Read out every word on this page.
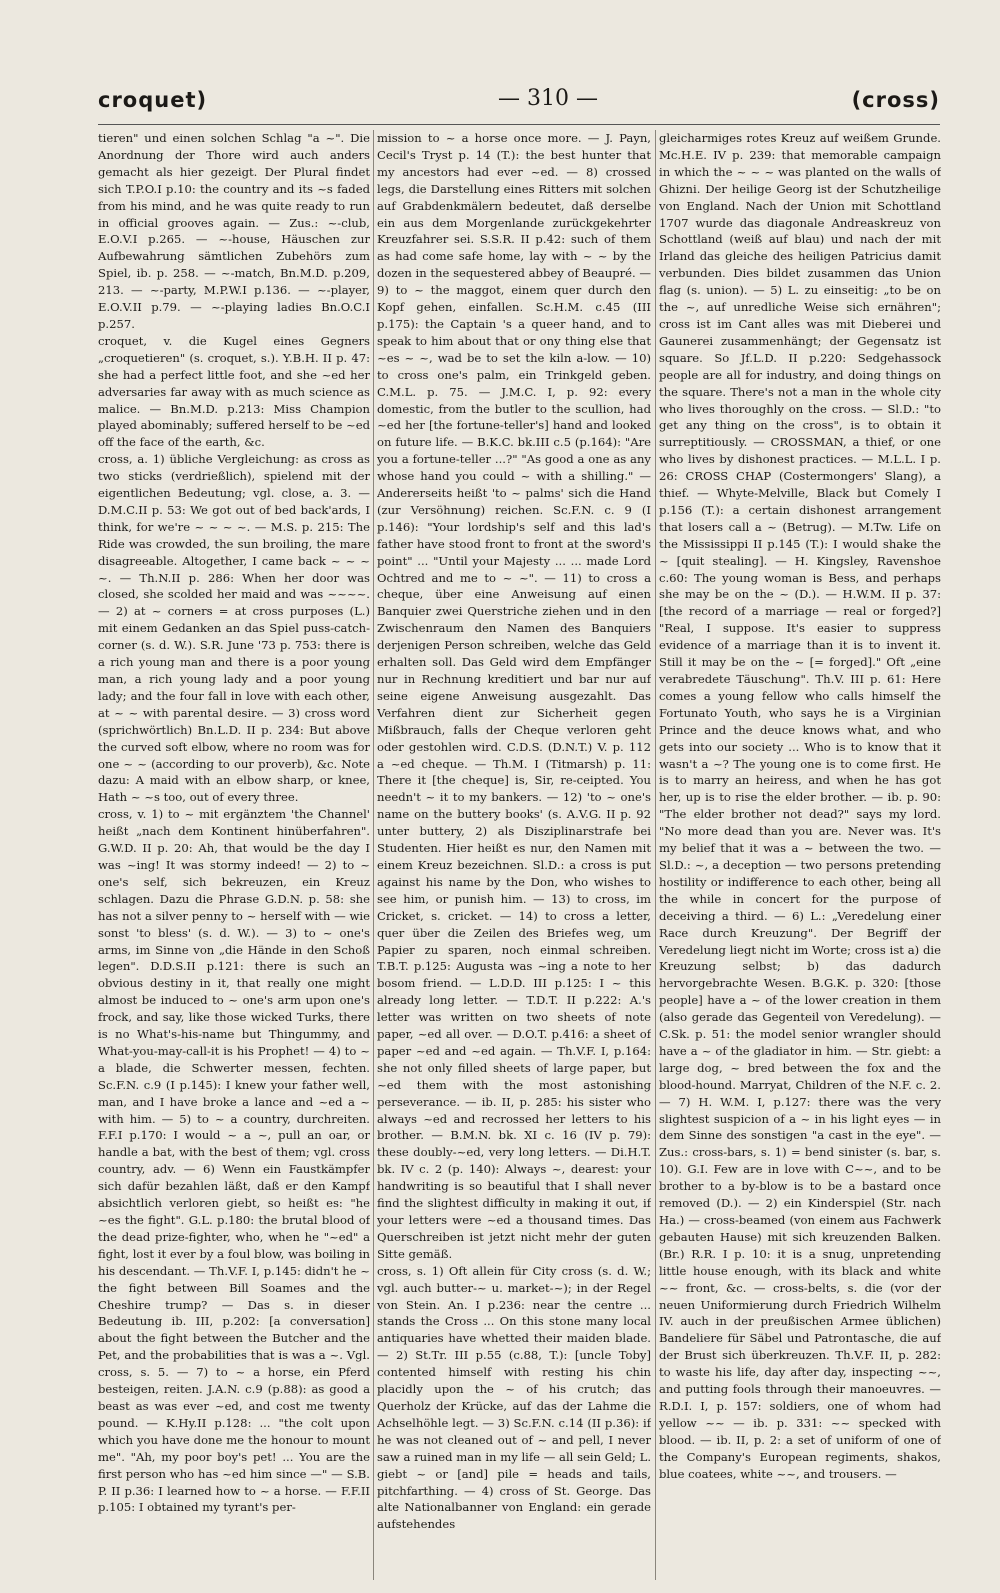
croquet)	— 310 —	(cross)

tieren" und einen solchen Schlag "a ~". Die Anordnung der Thore wird auch anders gemacht als hier gezeigt. Der Plural findet sich T.P.O.I p.10: the country and its ~s faded from his mind, and he was quite ready to run in official grooves again. — Zus.: ~-club, E.O.V.I p.265. — ~-house, Häuschen zur Aufbewahrung sämtlichen Zubehörs zum Spiel, ib. p. 258. — ~-match, Bn.M.D. p.209, 213. — ~-party, M.P.W.I p.136. — ~-player, E.O.V.II p.79. — ~-playing ladies Bn.O.C.I p.257.

croquet, v. die Kugel eines Gegners „croquetieren" (s. croquet, s.). Y.B.H. II p. 47: she had a perfect little foot, and she ~ed her adversaries far away with as much science as malice. — Bn.M.D. p.213: Miss Champion played abominably; suffered herself to be ~ed off the face of the earth, &c.

cross, a. 1) übliche Vergleichung: as cross as two sticks (verdrießlich), spielend mit der eigentlichen Bedeutung; vgl. close, a. 3. — D.M.C.II p. 53: We got out of bed back'ards, I think, for we're ~ ~ ~ ~. — M.S. p. 215: The Ride was crowded, the sun broiling, the mare disagreeable. Altogether, I came back ~ ~ ~ ~. — Th.N.II p. 286: When her door was closed, she scolded her maid and was ~~~~. — 2) at ~ corners = at cross purposes (L.) mit einem Gedanken an das Spiel puss-catch-corner (s. d. W.). S.R. June '73 p. 753: there is a rich young man and there is a poor young man, a rich young lady and a poor young lady; and the four fall in love with each other, at ~ ~ with parental desire. — 3) cross word (sprichwörtlich) Bn.L.D. II p. 234: But above the curved soft elbow, where no room was for one ~ ~ (according to our proverb), &c. Note dazu: A maid with an elbow sharp, or knee, Hath ~ ~s too, out of every three.

cross, v. 1) to ~ mit ergänztem 'the Channel' heißt „nach dem Kontinent hinüberfahren". G.W.D. II p. 20: Ah, that would be the day I was ~ing! It was stormy indeed! — 2) to ~ one's self, sich bekreuzen, ein Kreuz schlagen. Dazu die Phrase G.D.N. p. 58: she has not a silver penny to ~ herself with — wie sonst 'to bless' (s. d. W.). — 3) to ~ one's arms, im Sinne von „die Hände in den Schoß legen". D.D.S.II p.121: there is such an obvious destiny in it, that really one might almost be induced to ~ one's arm upon one's frock, and say, like those wicked Turks, there is no What's-his-name but Thingummy, and What-you-may-call-it is his Prophet! — 4) to ~ a blade, die Schwerter messen, fechten. Sc.F.N. c.9 (I p.145): I knew your father well, man, and I have broke a lance and ~ed a ~ with him. — 5) to ~ a country, durchreiten. F.F.I p.170: I would ~ a ~, pull an oar, or handle a bat, with the best of them; vgl. cross country, adv. — 6) Wenn ein Faustkämpfer sich dafür bezahlen läßt, daß er den Kampf absichtlich verloren giebt, so heißt es: "he ~es the fight". G.L. p.180: the brutal blood of the dead prize-fighter, who, when he "~ed" a fight, lost it ever by a foul blow, was boiling in his descendant. — Th.V.F. I, p.145: didn't he ~ the fight between Bill Soames and the Cheshire trump? — Das s. in dieser Bedeutung ib. III, p.202: [a conversation] about the fight between the Butcher and the Pet, and the probabilities that is was a ~. Vgl. cross, s. 5. — 7) to ~ a horse, ein Pferd besteigen, reiten. J.A.N. c.9 (p.88): as good a beast as was ever ~ed, and cost me twenty pound. — K.Hy.II p.128: ... "the colt upon which you have done me the honour to mount me". "Ah, my poor boy's pet! ... You are the first person who has ~ed him since —" — S.B. P. II p.36: I learned how to ~ a horse. — F.F.II p.105: I obtained my tyrant's per-

mission to ~ a horse once more. — J. Payn, Cecil's Tryst p. 14 (T.): the best hunter that my ancestors had ever ~ed. — 8) crossed legs, die Darstellung eines Ritters mit solchen auf Grabdenkmälern bedeutet, daß derselbe ein aus dem Morgenlande zurückgekehrter Kreuzfahrer sei. S.S.R. II p.42: such of them as had come safe home, lay with ~ ~ by the dozen in the sequestered abbey of Beaupré. — 9) to ~ the maggot, einem quer durch den Kopf gehen, einfallen. Sc.H.M. c.45 (III p.175): the Captain 's a queer hand, and to speak to him about that or ony thing else that ~es ~ ~, wad be to set the kiln a-low. — 10) to cross one's palm, ein Trinkgeld geben. C.M.L. p. 75. — J.M.C. I, p. 92: every domestic, from the butler to the scullion, had ~ed her [the fortune-teller's] hand and looked on future life. — B.K.C. bk.III c.5 (p.164): "Are you a fortune-teller ...?" "As good a one as any whose hand you could ~ with a shilling." — Andererseits heißt 'to ~ palms' sich die Hand (zur Versöhnung) reichen. Sc.F.N. c. 9 (I p.146): "Your lordship's self and this lad's father have stood front to front at the sword's point" ... "Until your Majesty ... ... made Lord Ochtred and me to ~ ~". — 11) to cross a cheque, über eine Anweisung auf einen Banquier zwei Querstriche ziehen und in den Zwischenraum den Namen des Banquiers derjenigen Person schreiben, welche das Geld erhalten soll. Das Geld wird dem Empfänger nur in Rechnung kreditiert und bar nur auf seine eigene Anweisung ausgezahlt. Das Verfahren dient zur Sicherheit gegen Mißbrauch, falls der Cheque verloren geht oder gestohlen wird. C.D.S. (D.N.T.) V. p. 112 a ~ed cheque. — Th.M. I (Titmarsh) p. 11: There it [the cheque] is, Sir, re-ceipted. You needn't ~ it to my bankers. — 12) 'to ~ one's name on the buttery books' (s. A.V.G. II p. 92 unter buttery, 2) als Disziplinarstrafe bei Studenten. Hier heißt es nur, den Namen mit einem Kreuz bezeichnen. Sl.D.: a cross is put against his name by the Don, who wishes to see him, or punish him. — 13) to cross, im Cricket, s. cricket. — 14) to cross a letter, quer über die Zeilen des Briefes weg, um Papier zu sparen, noch einmal schreiben. T.B.T. p.125: Augusta was ~ing a note to her bosom friend. — L.D.D. III p.125: I ~ this already long letter. — T.D.T. II p.222: A.'s letter was written on two sheets of note paper, ~ed all over. — D.O.T. p.416: a sheet of paper ~ed and ~ed again. — Th.V.F. I, p.164: she not only filled sheets of large paper, but ~ed them with the most astonishing perseverance. — ib. II, p. 285: his sister who always ~ed and recrossed her letters to his brother. — B.M.N. bk. XI c. 16 (IV p. 79): these doubly-~ed, very long letters. — Di.H.T. bk. IV c. 2 (p. 140): Always ~, dearest: your handwriting is so beautiful that I shall never find the slightest difficulty in making it out, if your letters were ~ed a thousand times. Das Querschreiben ist jetzt nicht mehr der guten Sitte gemäß.

cross, s. 1) Oft allein für City cross (s. d. W.; vgl. auch butter-~ u. market-~); in der Regel von Stein. An. I p.236: near the centre ... stands the Cross ... On this stone many local antiquaries have whetted their maiden blade. — 2) St.Tr. III p.55 (c.88, T.): [uncle Toby] contented himself with resting his chin placidly upon the ~ of his crutch; das Querholz der Krücke, auf das der Lahme die Achselhöhle legt. — 3) Sc.F.N. c.14 (II p.36): if he was not cleaned out of ~ and pell, I never saw a ruined man in my life — all sein Geld; L. giebt ~ or [and] pile = heads and tails, pitchfarthing. — 4) cross of St. George. Das alte Nationalbanner von England: ein gerade aufstehendes

gleicharmiges rotes Kreuz auf weißem Grunde. Mc.H.E. IV p. 239: that memorable campaign in which the ~ ~ ~ was planted on the walls of Ghizni. Der heilige Georg ist der Schutzheilige von England. Nach der Union mit Schottland 1707 wurde das diagonale Andreaskreuz von Schottland (weiß auf blau) und nach der mit Irland das gleiche des heiligen Patricius damit verbunden. Dies bildet zusammen das Union flag (s. union). — 5) L. zu einseitig: „to be on the ~, auf unredliche Weise sich ernähren"; cross ist im Cant alles was mit Dieberei und Gaunerei zusammenhängt; der Gegensatz ist square. So Jf.L.D. II p.220: Sedgehassock people are all for industry, and doing things on the square. There's not a man in the whole city who lives thoroughly on the cross. — Sl.D.: "to get any thing on the cross", is to obtain it surreptitiously. — CROSSMAN, a thief, or one who lives by dishonest practices. — M.L.L. I p. 26: CROSS CHAP (Costermongers' Slang), a thief. — Whyte-Melville, Black but Comely I p.156 (T.): a certain dishonest arrangement that losers call a ~ (Betrug). — M.Tw. Life on the Mississippi II p.145 (T.): I would shake the ~ [quit stealing]. — H. Kingsley, Ravenshoe c.60: The young woman is Bess, and perhaps she may be on the ~ (D.). — H.W.M. II p. 37: [the record of a marriage — real or forged?] "Real, I suppose. It's easier to suppress evidence of a marriage than it is to invent it. Still it may be on the ~ [= forged]." Oft „eine verabredete Täuschung". Th.V. III p. 61: Here comes a young fellow who calls himself the Fortunato Youth, who says he is a Virginian Prince and the deuce knows what, and who gets into our society ... Who is to know that it wasn't a ~? The young one is to come first. He is to marry an heiress, and when he has got her, up is to rise the elder brother. — ib. p. 90: "The elder brother not dead?" says my lord. "No more dead than you are. Never was. It's my belief that it was a ~ between the two. — Sl.D.: ~, a deception — two persons pretending hostility or indifference to each other, being all the while in concert for the purpose of deceiving a third. — 6) L.: „Veredelung einer Race durch Kreuzung". Der Begriff der Veredelung liegt nicht im Worte; cross ist a) die Kreuzung selbst; b) das dadurch hervorgebrachte Wesen. B.G.K. p. 320: [those people] have a ~ of the lower creation in them (also gerade das Gegenteil von Veredelung). — C.Sk. p. 51: the model senior wrangler should have a ~ of the gladiator in him. — Str. giebt: a large dog, ~ bred between the fox and the blood-hound. Marryat, Children of the N.F. c. 2. — 7) H. W.M. I, p.127: there was the very slightest suspicion of a ~ in his light eyes — in dem Sinne des sonstigen "a cast in the eye". — Zus.: cross-bars, s. 1) = bend sinister (s. bar, s. 10). G.I. Few are in love with C~~, and to be brother to a by-blow is to be a bastard once removed (D.). — 2) ein Kinderspiel (Str. nach Ha.) — cross-beamed (von einem aus Fachwerk gebauten Hause) mit sich kreuzenden Balken. (Br.) R.R. I p. 10: it is a snug, unpretending little house enough, with its black and white ~~ front, &c. — cross-belts, s. die (vor der neuen Uniformierung durch Friedrich Wilhelm IV. auch in der preußischen Armee üblichen) Bandeliere für Säbel und Patrontasche, die auf der Brust sich überkreuzen. Th.V.F. II, p. 282: to waste his life, day after day, inspecting ~~, and putting fools through their manoeuvres. — R.D.I. I, p. 157: soldiers, one of whom had yellow ~~ — ib. p. 331: ~~ specked with blood. — ib. II, p. 2: a set of uniform of one of the Company's European regiments, shakos, blue coatees, white ~~, and trousers. —
